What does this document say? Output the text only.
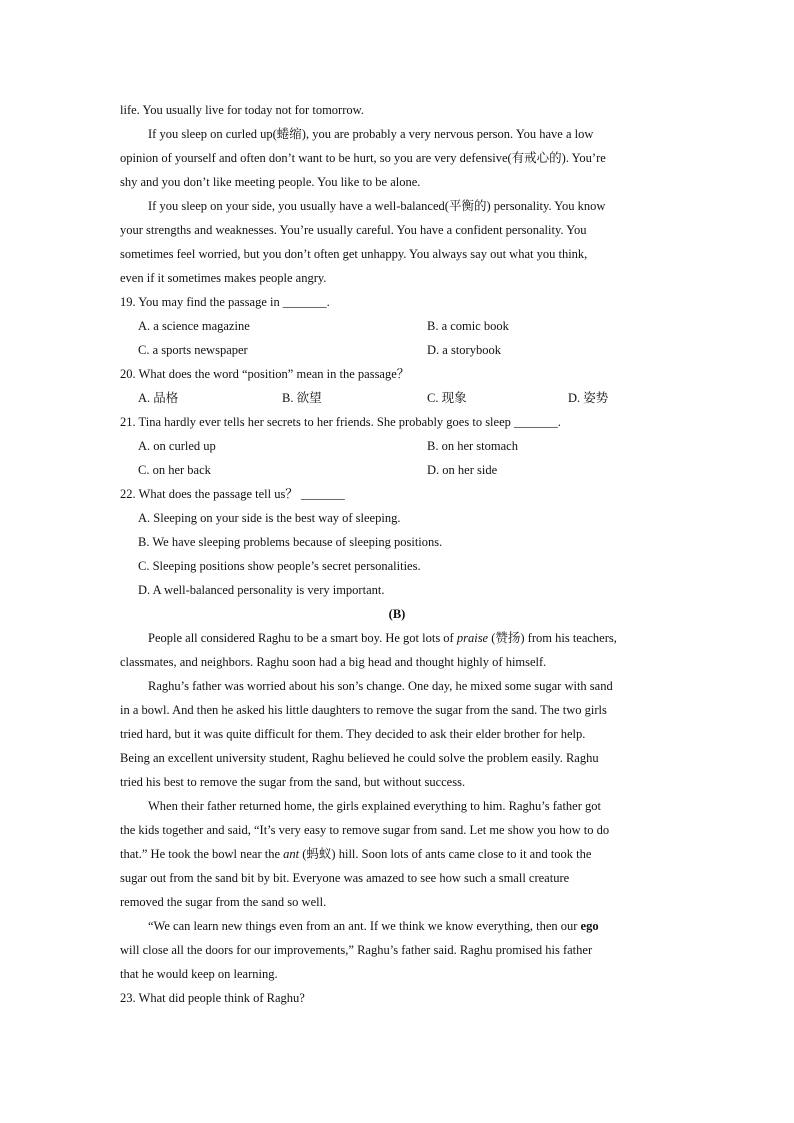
life. You usually live for today not for tomorrow.
If you sleep on curled up(蜷缩), you are probably a very nervous person. You have a low
opinion of yourself and often don’t want to be hurt, so you are very defensive(有戒心的). You’re
shy and you don’t like meeting people. You like to be alone.
If you sleep on your side, you usually have a well-balanced(平衡的) personality. You know
your strengths and weaknesses. You’re usually careful. You have a confident personality. You
sometimes feel worried, but you don’t often get unhappy. You always say out what you think,
even if it sometimes makes people angry.
19. You may find the passage in _______.
A. a science magazine	B. a comic book
C. a sports newspaper	D. a storybook
20. What does the word “position” mean in the passage？
A. 品格	B. 欲望	C. 现象	D. 姿势
21. Tina hardly ever tells her secrets to her friends. She probably goes to sleep _______.
A. on curled up	B. on her stomach
C. on her back	D. on her side
22. What does the passage tell us？ _______
A. Sleeping on your side is the best way of sleeping.
B. We have sleeping problems because of sleeping positions.
C. Sleeping positions show people’s secret personalities.
D. A well-balanced personality is very important.
(B)
People all considered Raghu to be a smart boy. He got lots of praise (赞扬) from his teachers,
classmates, and neighbors. Raghu soon had a big head and thought highly of himself.
Raghu’s father was worried about his son’s change. One day, he mixed some sugar with sand
in a bowl. And then he asked his little daughters to remove the sugar from the sand. The two girls
tried hard, but it was quite difficult for them. They decided to ask their elder brother for help.
Being an excellent university student, Raghu believed he could solve the problem easily. Raghu
tried his best to remove the sugar from the sand, but without success.
When their father returned home, the girls explained everything to him. Raghu’s father got
the kids together and said, “It’s very easy to remove sugar from sand. Let me show you how to do
that.” He took the bowl near the ant (蚂蚁) hill. Soon lots of ants came close to it and took the
sugar out from the sand bit by bit. Everyone was amazed to see how such a small creature
removed the sugar from the sand so well.
“We can learn new things even from an ant. If we think we know everything, then our ego
will close all the doors for our improvements,” Raghu’s father said. Raghu promised his father
that he would keep on learning.
23. What did people think of Raghu?
